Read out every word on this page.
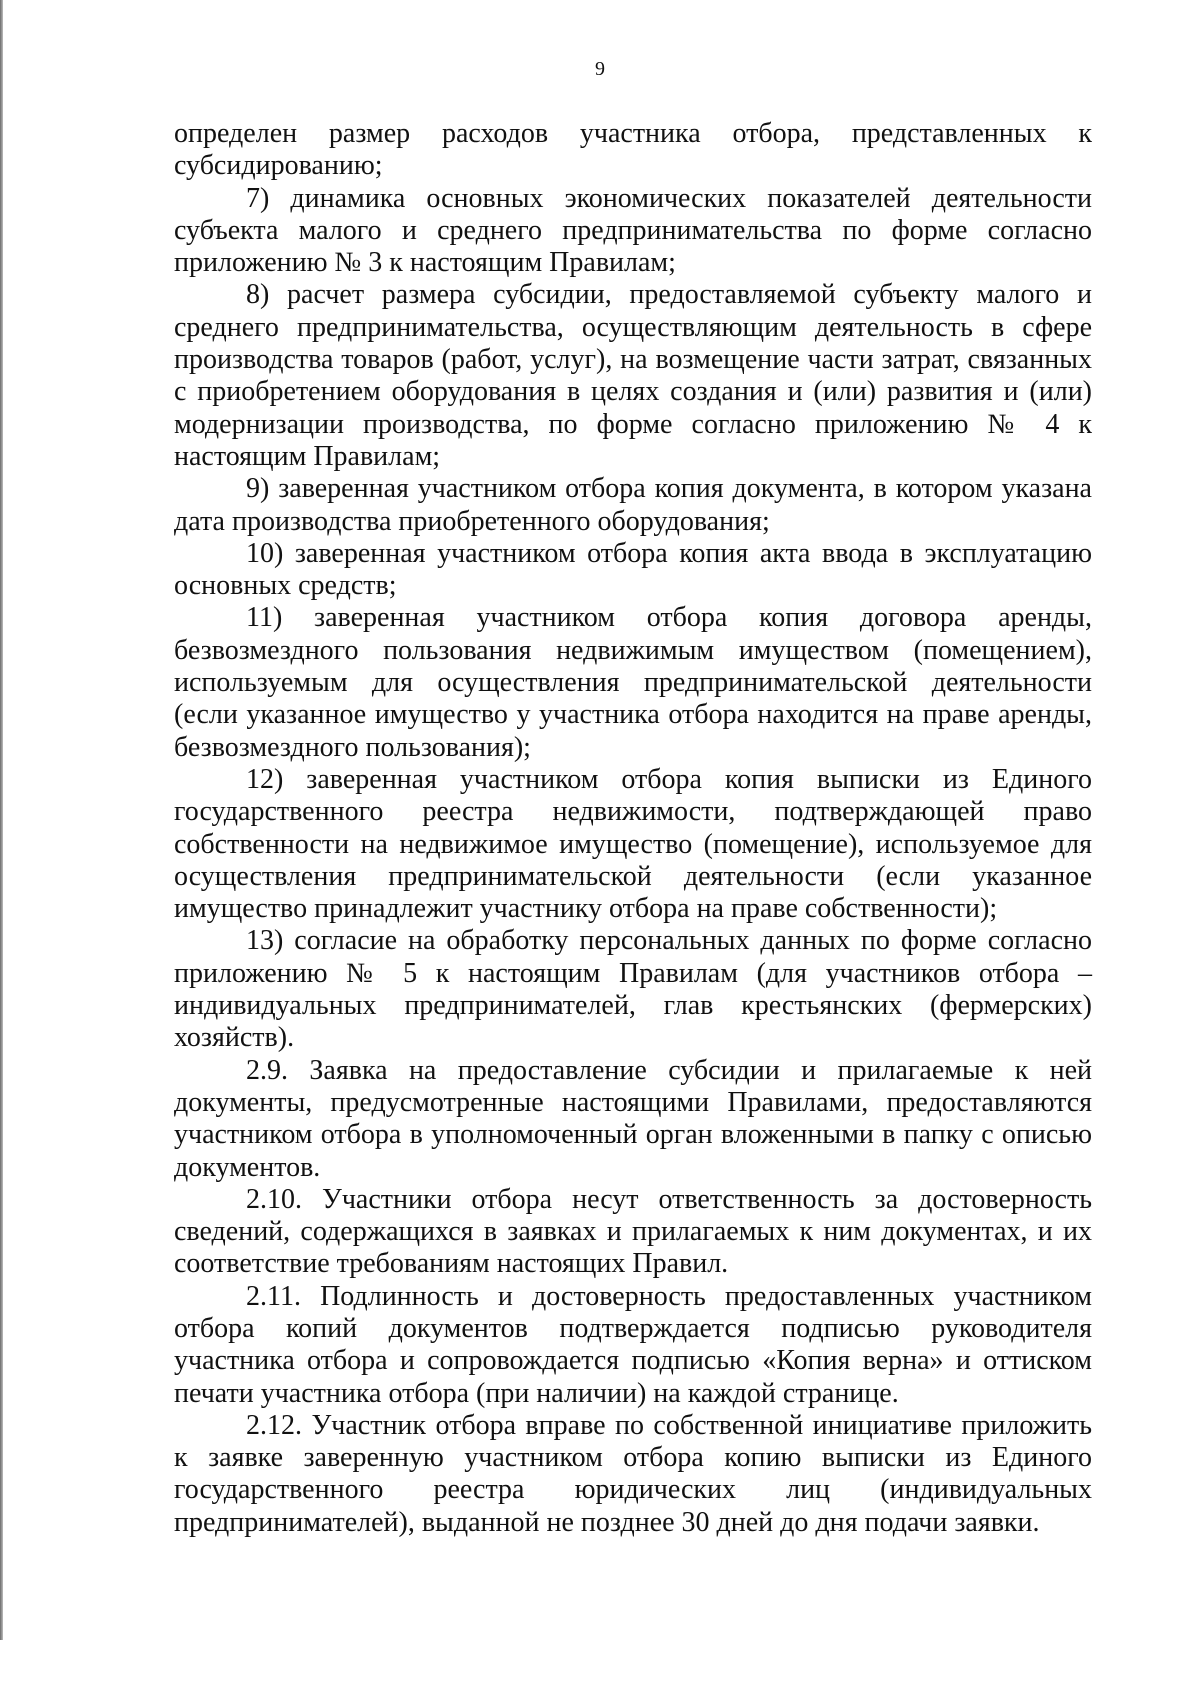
9

определен размер расходов участника отбора, представленных к субсидированию;

7) динамика основных экономических показателей деятельности субъекта малого и среднего предпринимательства по форме согласно приложению № 3 к настоящим Правилам;

8) расчет размера субсидии, предоставляемой субъекту малого и среднего предпринимательства, осуществляющим деятельность в сфере производства товаров (работ, услуг), на возмещение части затрат, связанных с приобретением оборудования в целях создания и (или) развития и (или) модернизации производства, по форме согласно приложению № 4 к настоящим Правилам;

9) заверенная участником отбора копия документа, в котором указана дата производства приобретенного оборудования;

10) заверенная участником отбора копия акта ввода в эксплуатацию основных средств;

11) заверенная участником отбора копия договора аренды, безвозмездного пользования недвижимым имуществом (помещением), используемым для осуществления предпринимательской деятельности (если указанное имущество у участника отбора находится на праве аренды, безвозмездного пользования);

12) заверенная участником отбора копия выписки из Единого государственного реестра недвижимости, подтверждающей право собственности на недвижимое имущество (помещение), используемое для осуществления предпринимательской деятельности (если указанное имущество принадлежит участнику отбора на праве собственности);

13) согласие на обработку персональных данных по форме согласно приложению № 5 к настоящим Правилам (для участников отбора – индивидуальных предпринимателей, глав крестьянских (фермерских) хозяйств).

2.9. Заявка на предоставление субсидии и прилагаемые к ней документы, предусмотренные настоящими Правилами, предоставляются участником отбора в уполномоченный орган вложенными в папку с описью документов.

2.10. Участники отбора несут ответственность за достоверность сведений, содержащихся в заявках и прилагаемых к ним документах, и их соответствие требованиям настоящих Правил.

2.11. Подлинность и достоверность предоставленных участником отбора копий документов подтверждается подписью руководителя участника отбора и сопровождается подписью «Копия верна» и оттиском печати участника отбора (при наличии) на каждой странице.

2.12. Участник отбора вправе по собственной инициативе приложить к заявке заверенную участником отбора копию выписки из Единого государственного реестра юридических лиц (индивидуальных предпринимателей), выданной не позднее 30 дней до дня подачи заявки.
